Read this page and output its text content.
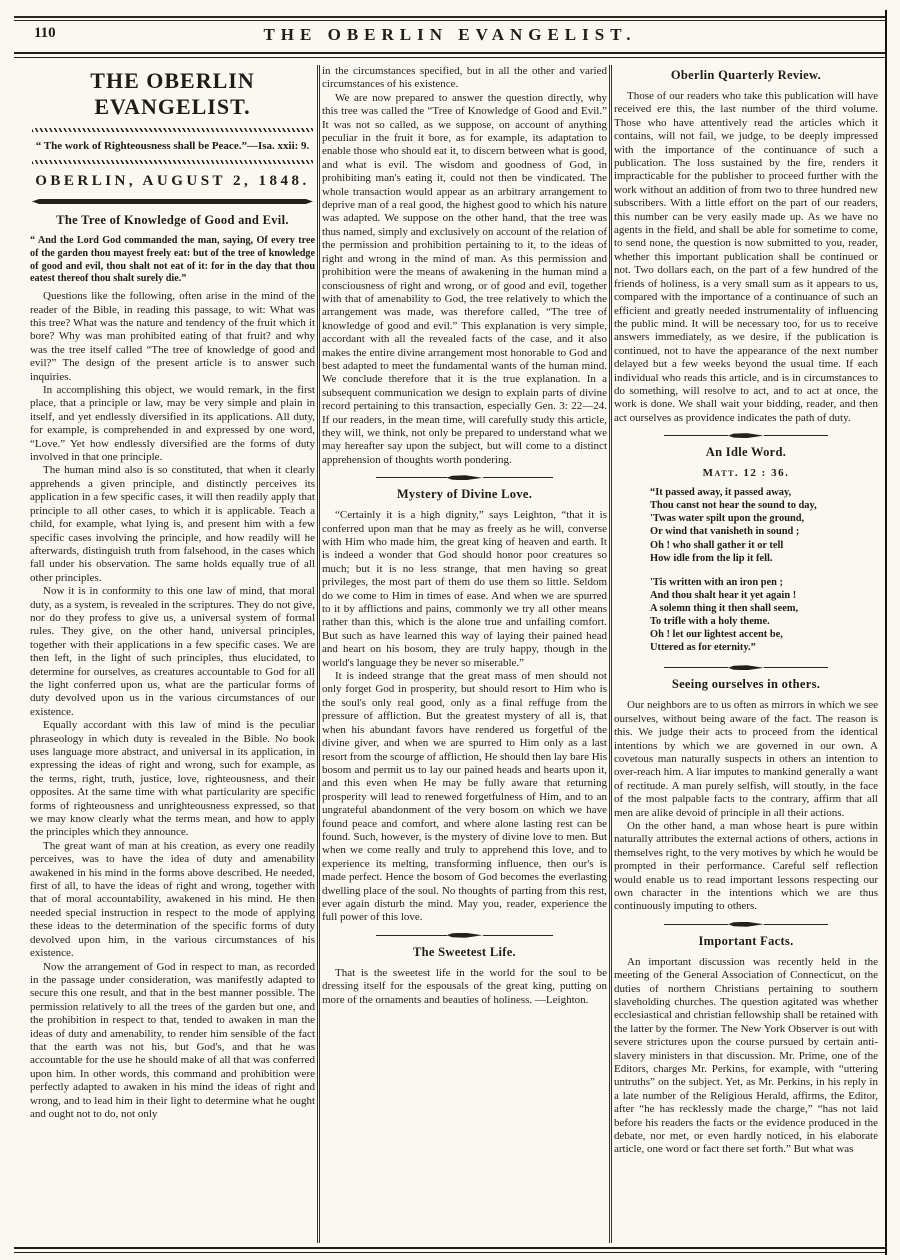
110	THE OBERLIN EVANGELIST.
THE OBERLIN EVANGELIST.

“ The work of Righteousness shall be Peace.”—Isa. xxii: 9.

OBERLIN, AUGUST 2, 1848.
The Tree of Knowledge of Good and Evil.

“ And the Lord God commanded the man, saying, Of every tree of the garden thou mayest freely eat: but of the tree of knowledge of good and evil, thou shalt not eat of it: for in the day that thou eatest thereof thou shalt surely die.”

Questions like the following, often arise in the mind of the reader of the Bible, in reading this passage, to wit: What was this tree? What was the nature and tendency of the fruit which it bore? Why was man prohibited eating of that fruit? and why was the tree itself called “The tree of knowledge of good and evil?” The design of the present article is to answer such inquiries.

In accomplishing this object, we would remark, in the first place, that a principle or law, may be very simple and plain in itself, and yet endlessly diversified in its applications. All duty, for example, is comprehended in and expressed by one word, “Love.” Yet how endlessly diversified are the forms of duty involved in that one principle.

The human mind also is so constituted, that when it clearly apprehends a given principle, and distinctly perceives its application in a few specific cases, it will then readily apply that principle to all other cases, to which it is applicable. Teach a child, for example, what lying is, and present him with a few specific cases involving the principle, and how readily will he afterwards, distinguish truth from falsehood, in the cases which fall under his observation. The same holds equally true of all other principles.

Now it is in conformity to this one law of mind, that moral duty, as a system, is revealed in the scriptures. They do not give, nor do they profess to give us, a universal system of formal rules. They give, on the other hand, universal principles, together with their applications in a few specific cases. We are then left, in the light of such principles, thus elucidated, to determine for ourselves, as creatures accountable to God for all the light conferred upon us, what are the particular forms of duty devolved upon us in the various circumstances of our existence.

Equally accordant with this law of mind is the peculiar phraseology in which duty is revealed in the Bible. No book uses language more abstract, and universal in its application, in expressing the ideas of right and wrong, such for example, as the terms, right, truth, justice, love, righteousness, and their opposites. At the same time with what particularity are specific forms of righteousness and unrighteousness expressed, so that we may know clearly what the terms mean, and how to apply the principles which they announce.

The great want of man at his creation, as every one readily perceives, was to have the idea of duty and amenability awakened in his mind in the forms above described. He needed, first of all, to have the ideas of right and wrong, together with that of moral accountability, awakened in his mind. He then needed special instruction in respect to the mode of applying these ideas to the determination of the specific forms of duty devolved upon him, in the various circumstances of his existence.

Now the arrangement of God in respect to man, as recorded in the passage under consideration, was manifestly adapted to secure this one result, and that in the best manner possible. The permission relatively to all the trees of the garden but one, and the prohibition in respect to that, tended to awaken in man the ideas of duty and amenability, to render him sensible of the fact that the earth was not his, but God's, and that he was accountable for the use he should make of all that was conferred upon him. In other words, this command and prohibition were perfectly adapted to awaken in his mind the ideas of right and wrong, and to lead him in their light to determine what he ought and ought not to do, not only

in the circumstances specified, but in all the other and varied circumstances of his existence.

We are now prepared to answer the question directly, why this tree was called the “Tree of Knowledge of Good and Evil.” It was not so called, as we suppose, on account of anything peculiar in the fruit it bore, as for example, its adaptation to enable those who should eat it, to discern between what is good, and what is evil. The wisdom and goodness of God, in prohibiting man's eating it, could not then be vindicated. The whole transaction would appear as an arbitrary arrangement to deprive man of a real good, the highest good to which his nature was adapted. We suppose on the other hand, that the tree was thus named, simply and exclusively on account of the relation of the permission and prohibition pertaining to it, to the ideas of right and wrong in the mind of man. As this permission and prohibition were the means of awakening in the human mind a consciousness of right and wrong, or of good and evil, together with that of amenability to God, the tree relatively to which the arrangement was made, was therefore called, “The tree of knowledge of good and evil.” This explanation is very simple, accordant with all the revealed facts of the case, and it also makes the entire divine arrangement most honorable to God and best adapted to meet the fundamental wants of the human mind. We conclude therefore that it is the true explanation. In a subsequent communication we design to explain parts of divine record pertaining to this transaction, especially Gen. 3: 22—24. If our readers, in the mean time, will carefully study this article, they will, we think, not only be prepared to understand what we may hereafter say upon the subject, but will come to a distinct apprehension of thoughts worth pondering.

Mystery of Divine Love.

“Certainly it is a high dignity,” says Leighton, “that it is conferred upon man that he may as freely as he will, converse with Him who made him, the great king of heaven and earth. It is indeed a wonder that God should honor poor creatures so much; but it is no less strange, that men having so great privileges, the most part of them do use them so little. Seldom do we come to Him in times of ease. And when we are spurred to it by afflictions and pains, commonly we try all other means rather than this, which is the alone true and unfailing comfort. But such as have learned this way of laying their pained head and heart on his bosom, they are truly happy, though in the world's language they be never so miserable.”

It is indeed strange that the great mass of men should not only forget God in prosperity, but should resort to Him who is the soul's only real good, only as a final reffuge from the pressure of affliction. But the greatest mystery of all is, that when his abundant favors have rendered us forgetful of the divine giver, and when we are spurred to Him only as a last resort from the scourge of affliction, He should then lay bare His bosom and permit us to lay our pained heads and hearts upon it, and this even when He may be fully aware that returning prosperity will lead to renewed forgetfulness of Him, and to an ungrateful abandonment of the very bosom on which we have found peace and comfort, and where alone lasting rest can be found. Such, however, is the mystery of divine love to men. But when we come really and truly to apprehend this love, and to experience its melting, transforming influence, then our's is made perfect. Hence the bosom of God becomes the everlasting dwelling place of the soul. No thoughts of parting from this rest, ever again disturb the mind. May you, reader, experience the full power of this love.

The Sweetest Life.

That is the sweetest life in the world for the soul to be dressing itself for the espousals of the great king, putting on more of the ornaments and beauties of holiness. —Leighton.

Oberlin Quarterly Review.

Those of our readers who take this publication will have received ere this, the last number of the third volume. Those who have attentively read the articles which it contains, will not fail, we judge, to be deeply impressed with the importance of the continuance of such a publication. The loss sustained by the fire, renders it impracticable for the publisher to proceed further with the work without an addition of from two to three hundred new subscribers. With a little effort on the part of our readers, this number can be very easily made up. As we have no agents in the field, and shall be able for sometime to come, to send none, the question is now submitted to you, reader, whether this important publication shall be continued or not. Two dollars each, on the part of a few hundred of the friends of holiness, is a very small sum as it appears to us, compared with the importance of a continuance of such an efficient and greatly needed instrumentality of influencing the public mind. It will be necessary too, for us to receive answers immediately, as we desire, if the publication is continued, not to have the appearance of the next number delayed but a few weeks beyond the usual time. If each individual who reads this article, and is in circumstances to do something, will resolve to act, and to act at once, the work is done. We shall wait your bidding, reader, and then act ourselves as providence indicates the path of duty.

An Idle Word.

Matt. 12 : 36.

“It passed away, it passed away,
Thou canst not hear the sound to day,
'Twas water spilt upon the ground,
Or wind that vanisheth in sound ;
Oh ! who shall gather it or tell
How idle from the lip it fell.
'Tis written with an iron pen ;
And thou shalt hear it yet again !
A solemn thing it then shall seem,
To trifle with a holy theme.
Oh ! let our lightest accent be,
Uttered as for eternity.”
Seeing ourselves in others.

Our neighbors are to us often as mirrors in which we see ourselves, without being aware of the fact. The reason is this. We judge their acts to proceed from the identical intentions by which we are governed in our own. A covetous man naturally suspects in others an intention to over-reach him. A liar imputes to mankind generally a want of rectitude. A man purely selfish, will stoutly, in the face of the most palpable facts to the contrary, affirm that all men are alike devoid of principle in all their actions.

On the other hand, a man whose heart is pure within naturally attributes the external actions of others, actions in themselves right, to the very motives by which he would be prompted in their performance. Careful self reflection would enable us to read important lessons respecting our own character in the intentions which we are thus continuously imputing to others.

Important Facts.

An important discussion was recently held in the meeting of the General Association of Connecticut, on the duties of northern Christians pertaining to southern slaveholding churches. The question agitated was whether ecclesiastical and christian fellowship shall be retained with the latter by the former. The New York Observer is out with severe strictures upon the course pursued by certain anti-slavery ministers in that discussion. Mr. Prime, one of the Editors, charges Mr. Perkins, for example, with “uttering untruths” on the subject. Yet, as Mr. Perkins, in his reply in a late number of the Religious Herald, affirms, the Editor, after “he has recklessly made the charge,” “has not laid before his readers the facts or the evidence produced in the debate, nor met, or even hardly noticed, in his elaborate article, one word or fact there set forth.” But what was
